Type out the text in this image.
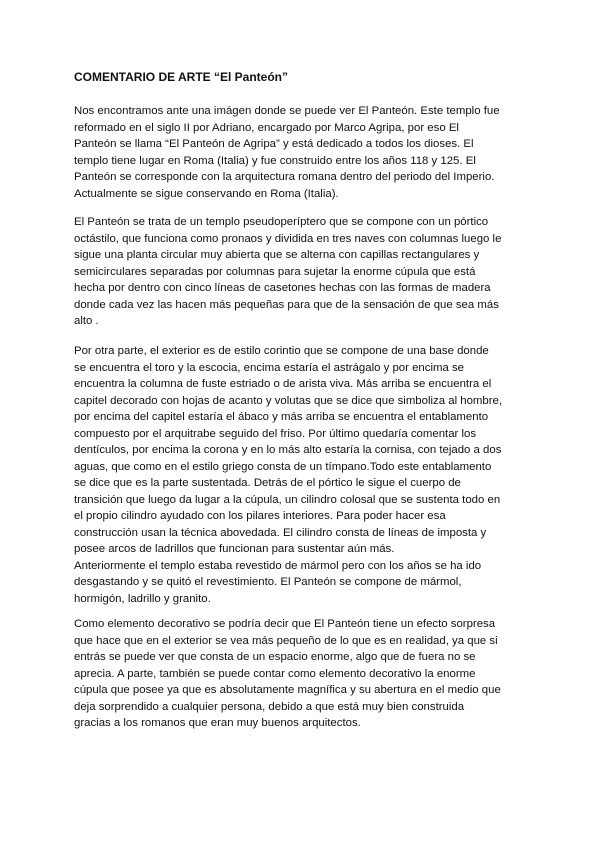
COMENTARIO DE ARTE “El Panteón”

Nos encontramos ante una imágen donde se puede ver El Panteón. Este templo fue
reformado en el siglo II por Adriano, encargado por Marco Agripa, por eso El
Panteón se llama “El Panteón de Agripa” y está dedicado a todos los dioses. El
templo tiene lugar en Roma (Italia) y fue construido entre los años 118 y 125. El
Panteón se corresponde con la arquitectura romana dentro del periodo del Imperio.
Actualmente se sigue conservando en Roma (Italia).

El Panteón se trata de un templo pseudoperíptero que se compone con un pórtico
octástilo, que funciona como pronaos y dividida en tres naves con columnas luego le
sigue una planta circular muy abierta que se alterna con capillas rectangulares y
semicirculares separadas por columnas para sujetar la enorme cúpula que está
hecha por dentro con cinco líneas de casetones hechas con las formas de madera
donde cada vez las hacen más pequeñas para que de la sensación de que sea más
alto .

Por otra parte, el exterior es de estilo corintio que se compone de una base donde
se encuentra el toro y la escocia, encima estaría el astrágalo y por encima se
encuentra la columna de fuste estriado o de arista viva. Más arriba se encuentra el
capitel decorado con hojas de acanto y volutas que se dice que simboliza al hombre,
por encima del capitel estaría el ábaco y más arriba se encuentra el entablamento
compuesto por el arquitrabe seguido del friso. Por último quedaría comentar los
dentículos, por encima la corona y en lo más alto estaría la cornisa, con tejado a dos
aguas, que como en el estilo griego consta de un tímpano.Todo este entablamento
se dice que es la parte sustentada. Detrás de el pórtico le sigue el cuerpo de
transición que luego da lugar a la cúpula, un cilindro colosal que se sustenta todo en
el propio cilindro ayudado con los pilares interiores. Para poder hacer esa
construcción usan la técnica abovedada. El cilindro consta de líneas de imposta y
posee arcos de ladrillos que funcionan para sustentar aún más.
Anteriormente el templo estaba revestido de mármol pero con los años se ha ido
desgastando y se quitó el revestimiento. El Panteón se compone de mármol,
hormigón, ladrillo y granito.

Como elemento decorativo se podría decir que El Panteón tiene un efecto sorpresa
que hace que en el exterior se vea más pequeño de lo que es en realidad, ya que si
entrás se puede ver que consta de un espacio enorme, algo que de fuera no se
aprecia. A parte, también se puede contar como elemento decorativo la enorme
cúpula que posee ya que es absolutamente magnífica y su abertura en el medio que
deja sorprendido a cualquier persona, debido a que está muy bien construida
gracias a los romanos que eran muy buenos arquitectos.
